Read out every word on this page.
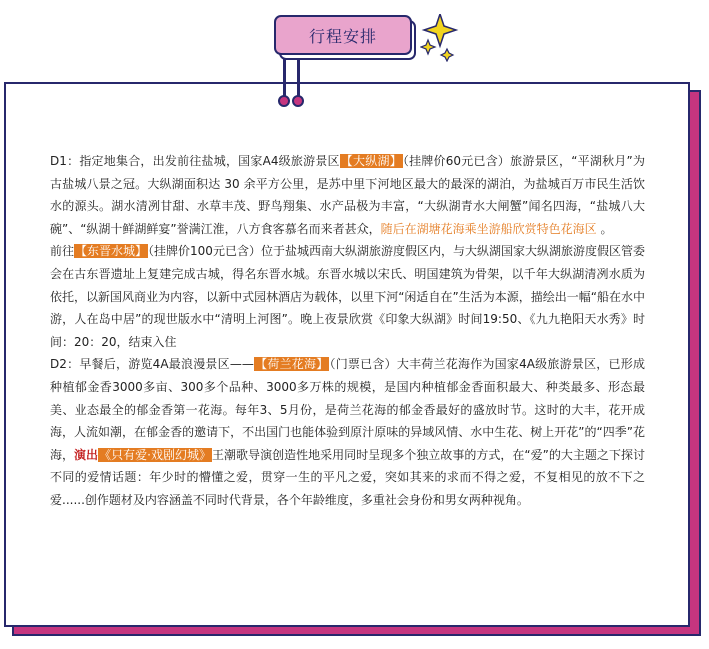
行程安排

D1：指定地集合，出发前往盐城，国家A4级旅游景区【大纵湖】（挂牌价60元已含）旅游景区，“平湖秋月”为古盐城八景之冠。大纵湖面积达 30 余平方公里，是苏中里下河地区最大的最深的湖泊，为盐城百万市民生活饮水的源头。湖水清冽甘甜、水草丰茂、野鸟翔集、水产品极为丰富，“大纵湖青水大闸蟹”闻名四海，“盐城八大碗”、“纵湖十鲜湖鲜宴”誉满江淮，八方食客慕名而来者甚众，随后在湖塘花海乘坐游船欣赏特色花海区 。

前往【东晋水城】（挂牌价100元已含）位于盐城西南大纵湖旅游度假区内，与大纵湖国家大纵湖旅游度假区管委会在古东晋遗址上复建完成古城，得名东晋水城。东晋水城以宋氏、明国建筑为骨架，以千年大纵湖清冽水质为依托，以新国风商业为内容，以新中式园林酒店为载体，以里下河“闲适自在”生活为本源，描绘出一幅“船在水中游，人在岛中居”的现世版水中“清明上河图”。晚上夜景欣赏《印象大纵湖》时间19:50、《九九艳阳天水秀》时间：20：20，结束入住

D2：早餐后，游览4A最浪漫景区——【荷兰花海】（门票已含）大丰荷兰花海作为国家4A级旅游景区，已形成种植郁金香3000多亩、300多个品种、3000多万株的规模，是国内种植郁金香面积最大、种类最多、形态最美、业态最全的郁金香第一花海。每年3、5月份，是荷兰花海的郁金香最好的盛放时节。这时的大丰，花开成海，人流如潮，在郁金香的邀请下，不出国门也能体验到原汁原味的异域风情、水中生花、树上开花”的“四季”花海，演出《只有爱·戏剧幻城》王潮歌导演创造性地采用同时呈现多个独立故事的方式，在“爱”的大主题之下探讨不同的爱情话题：年少时的懵懂之爱，贯穿一生的平凡之爱，突如其来的求而不得之爱，不复相见的放不下之爱......创作题材及内容涵盖不同时代背景，各个年龄维度，多重社会身份和男女两种视角。
